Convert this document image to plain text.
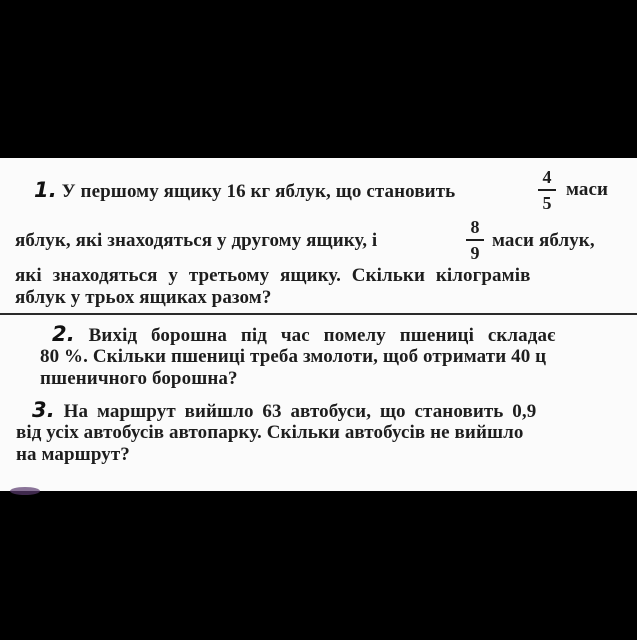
1. У першому ящику 16 кг яблук, що становить
4
5
маси
яблук, які знаходяться у другому ящику, і
8
9
маси яблук,
які знаходяться у третьому ящику. Скільки кілограмів
яблук у трьох ящиках разом?
2. Вихід борошна під час помелу пшениці складає
80 %. Скільки пшениці треба змолоти, щоб отримати 40 ц
пшеничного борошна?
3. На маршрут вийшло 63 автобуси, що становить 0,9
від усіх автобусів автопарку. Скільки автобусів не вийшло
на маршрут?
